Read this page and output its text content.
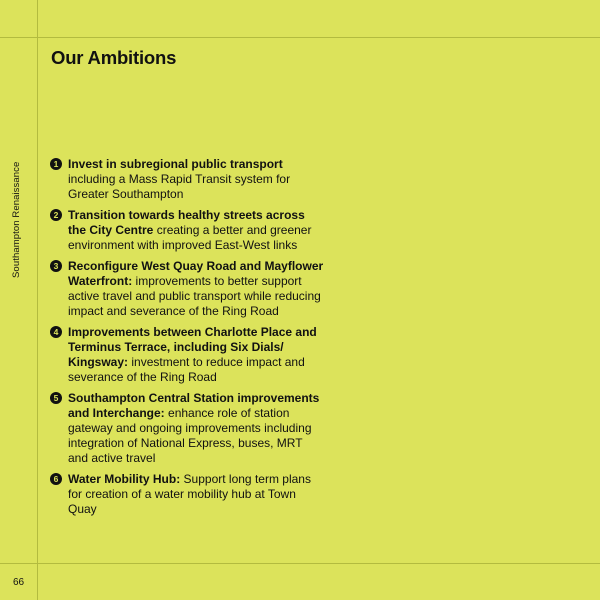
Southampton Renaissance
66
Our Ambitions
1 Invest in subregional public transport including a Mass Rapid Transit system for Greater Southampton
2 Transition towards healthy streets across the City Centre creating a better and greener environment with improved East-West links
3 Reconfigure West Quay Road and Mayflower Waterfront: improvements to better support active travel and public transport while reducing impact and severance of the Ring Road
4 Improvements between Charlotte Place and Terminus Terrace, including Six Dials/ Kingsway: investment to reduce impact and severance of the Ring Road
5 Southampton Central Station improvements and Interchange: enhance role of station gateway and ongoing improvements including integration of National Express, buses, MRT and active travel
6 Water Mobility Hub: Support long term plans for creation of a water mobility hub at Town Quay
